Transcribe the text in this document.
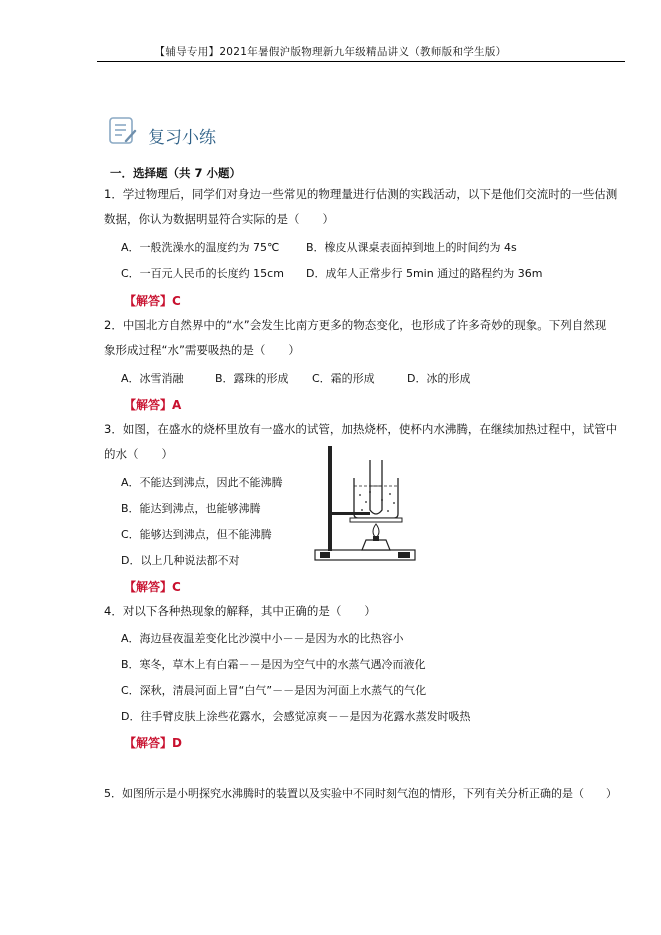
【辅导专用】2021年暑假沪版物理新九年级精品讲义（教师版和学生版）
复习小练
一．选择题（共 7 小题）
1．学过物理后，同学们对身边一些常见的物理量进行估测的实践活动，以下是他们交流时的一些估测
数据，你认为数据明显符合实际的是（　　）
A．一般洗澡水的温度约为 75℃ B．橡皮从课桌表面掉到地上的时间约为 4s
C．一百元人民币的长度约 15cm D．成年人正常步行 5min 通过的路程约为 36m
【解答】C
2．中国北方自然界中的“水”会发生比南方更多的物态变化，也形成了许多奇妙的现象。下列自然现
象形成过程“水”需要吸热的是（　　）
A．冰雪消融	B．露珠的形成 C．霜的形成	D．冰的形成
【解答】A
3．如图，在盛水的烧杯里放有一盛水的试管，加热烧杯，使杯内水沸腾，在继续加热过程中，试管中
的水（　　）
A．不能达到沸点，因此不能沸腾
B．能达到沸点，也能够沸腾
C．能够达到沸点，但不能沸腾
D．以上几种说法都不对
【解答】C
4．对以下各种热现象的解释，其中正确的是（　　）
A．海边昼夜温差变化比沙漠中小－－是因为水的比热容小
B．寒冬，草木上有白霜－－是因为空气中的水蒸气遇冷而液化
C．深秋，清晨河面上冒“白气”－－是因为河面上水蒸气的气化
D．往手臂皮肤上涂些花露水，会感觉凉爽－－是因为花露水蒸发时吸热
【解答】D
5．如图所示是小明探究水沸腾时的装置以及实验中不同时刻气泡的情形，下列有关分析正确的是（　　）
